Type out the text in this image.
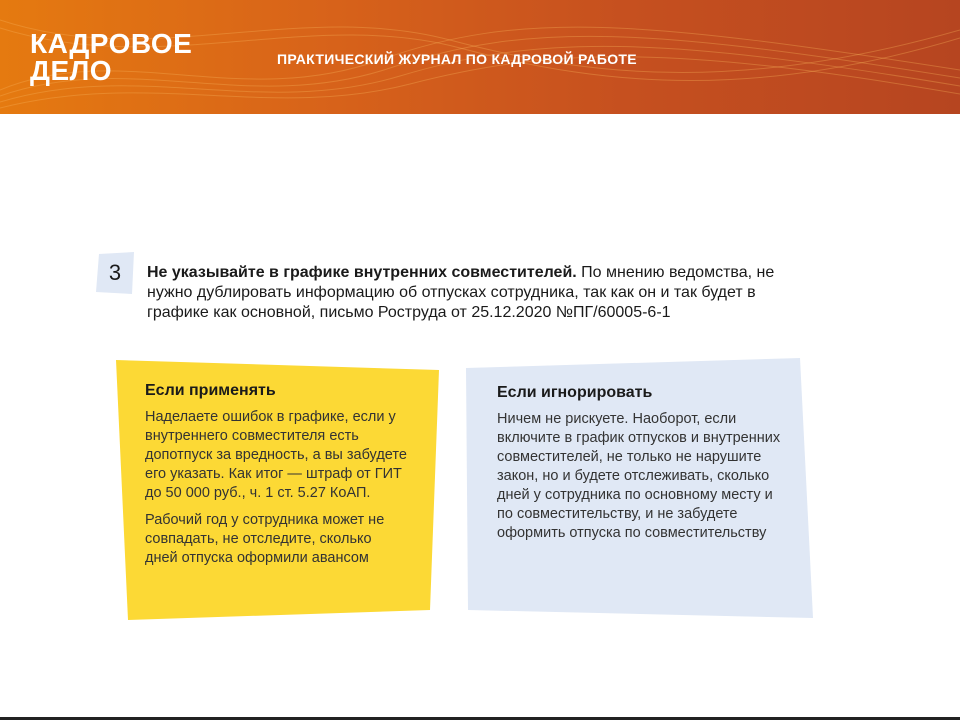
КАДРОВОЕ
ДЕЛО	ПРАКТИЧЕСКИЙ ЖУРНАЛ ПО КАДРОВОЙ РАБОТЕ
3	Не указывайте в графике внутренних совместителей. По мнению ведомства, не нужно дублировать информацию об отпусках сотрудника, так как он и так будет в графике как основной, письмо Роструда от 25.12.2020 №ПГ/60005-6-1
Если применять

Наделаете ошибок в графике, если у внутреннего совместителя есть допотпуск за вредность, а вы забудете его указать. Как итог — штраф от ГИТ до 50 000 руб., ч. 1 ст. 5.27 КоАП.

Рабочий год у сотрудника может не совпадать, не отследите, сколько дней отпуска оформили авансом

Если игнорировать

Ничем не рискуете. Наоборот, если включите в график отпусков и внутренних совместителей, не только не нарушите закон, но и будете отслеживать, сколько дней у сотрудника по основному месту и по совместительству, и не забудете оформить отпуска по совместительству
